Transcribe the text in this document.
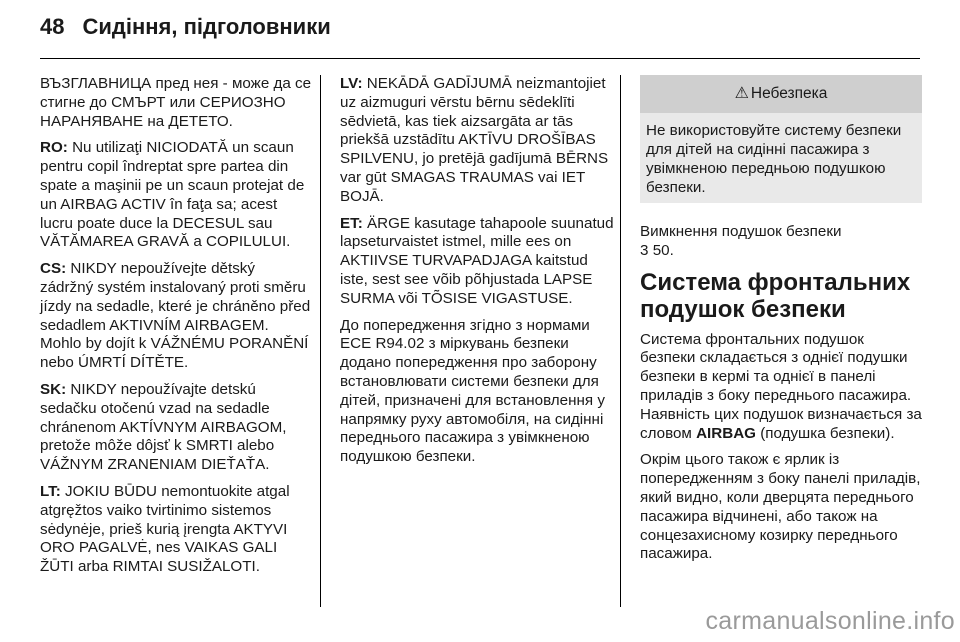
48 Сидіння, підголовники

ВЪЗГЛАВНИЦА пред нея - може да се стигне до СМЪРТ или СЕРИОЗНО НАРАНЯВАНЕ на ДЕТЕТО.

RO: Nu utilizaţi NICIODATĂ un scaun pentru copil îndreptat spre partea din spate a maşinii pe un scaun protejat de un AIRBAG ACTIV în faţa sa; acest lucru poate duce la DECESUL sau VĂTĂMAREA GRAVĂ a COPILULUI.

CS: NIKDY nepoužívejte dětský zádržný systém instalovaný proti směru jízdy na sedadle, které je chráněno před sedadlem AKTIVNÍM AIRBAGEM. Mohlo by dojít k VÁŽNÉMU PORANĚNÍ nebo ÚMRTÍ DÍTĚTE.

SK: NIKDY nepoužívajte detskú sedačku otočenú vzad na sedadle chránenom AKTÍVNYM AIRBAGOM, pretože môže dôjsť k SMRTI alebo VÁŽNYM ZRANENIAM DIEŤAŤA.

LT: JOKIU BŪDU nemontuokite atgal atgręžtos vaiko tvirtinimo sistemos sėdynėje, prieš kurią įrengta AKTYVI ORO PAGALVĖ, nes VAIKAS GALI ŽŪTI arba RIMTAI SUSIŽALOTI.

LV: NEKĀDĀ GADĪJUMĀ neizmantojiet uz aizmuguri vērstu bērnu sēdeklīti sēdvietā, kas tiek aizsargāta ar tās priekšā uzstādītu AKTĪVU DROŠĪBAS SPILVENU, jo pretējā gadījumā BĒRNS var gūt SMAGAS TRAUMAS vai IET BOJĀ.

ET: ÄRGE kasutage tahapoole suunatud lapseturvaistet istmel, mille ees on AKTIIVSE TURVAPADJAGA kaitstud iste, sest see võib põhjustada LAPSE SURMA või TÕSISE VIGASTUSE.

До попередження згідно з нормами ECE R94.02 з міркувань безпеки додано попередження про заборону встановлювати системи безпеки для дітей, призначені для встановлення у напрямку руху автомобіля, на сидінні переднього пасажира з увімкненою подушкою безпеки.

⚠ Небезпека
Не використовуйте систему безпеки для дітей на сидінні пасажира з увімкненою передньою подушкою безпеки.

Вимкнення подушок безпеки
3 50.

Система фронтальних подушок безпеки

Система фронтальних подушок безпеки складається з однієї подушки безпеки в кермі та однієї в панелі приладів з боку переднього пасажира. Наявність цих подушок визначається за словом AIRBAG (подушка безпеки).

Окрім цього також є ярлик із попередженням з боку панелі приладів, який видно, коли дверцята переднього пасажира відчинені, або також на сонцезахисному козирку переднього пасажира.

carmanualsonline.info
